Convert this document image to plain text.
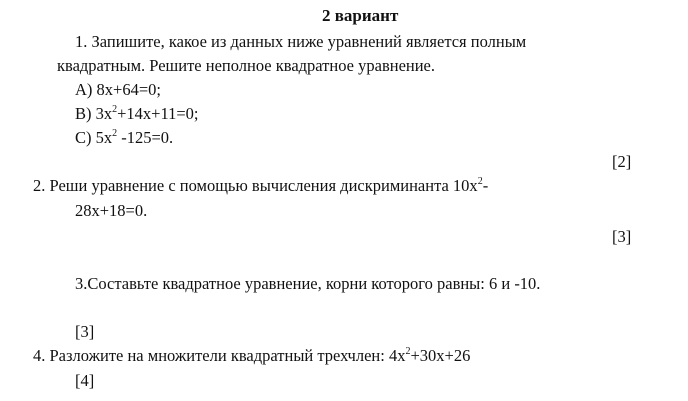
2 вариант
1. Запишите, какое из данных ниже уравнений является полным
квадратным. Решите неполное квадратное уравнение.
A) 8x+64=0;
B) $3x^2+14x+11=0$;
C) $5x^2$ -125=0.
[2]
2. Реши уравнение с помощью вычисления дискриминанта $10x^2-$
28x+18=0.
[3]
3.Составьте квадратное уравнение, корни которого равны: 6 и -10.
[3]
4. Разложите на множители квадратный трехчлен: $4x^2+30x+26$
[4]
